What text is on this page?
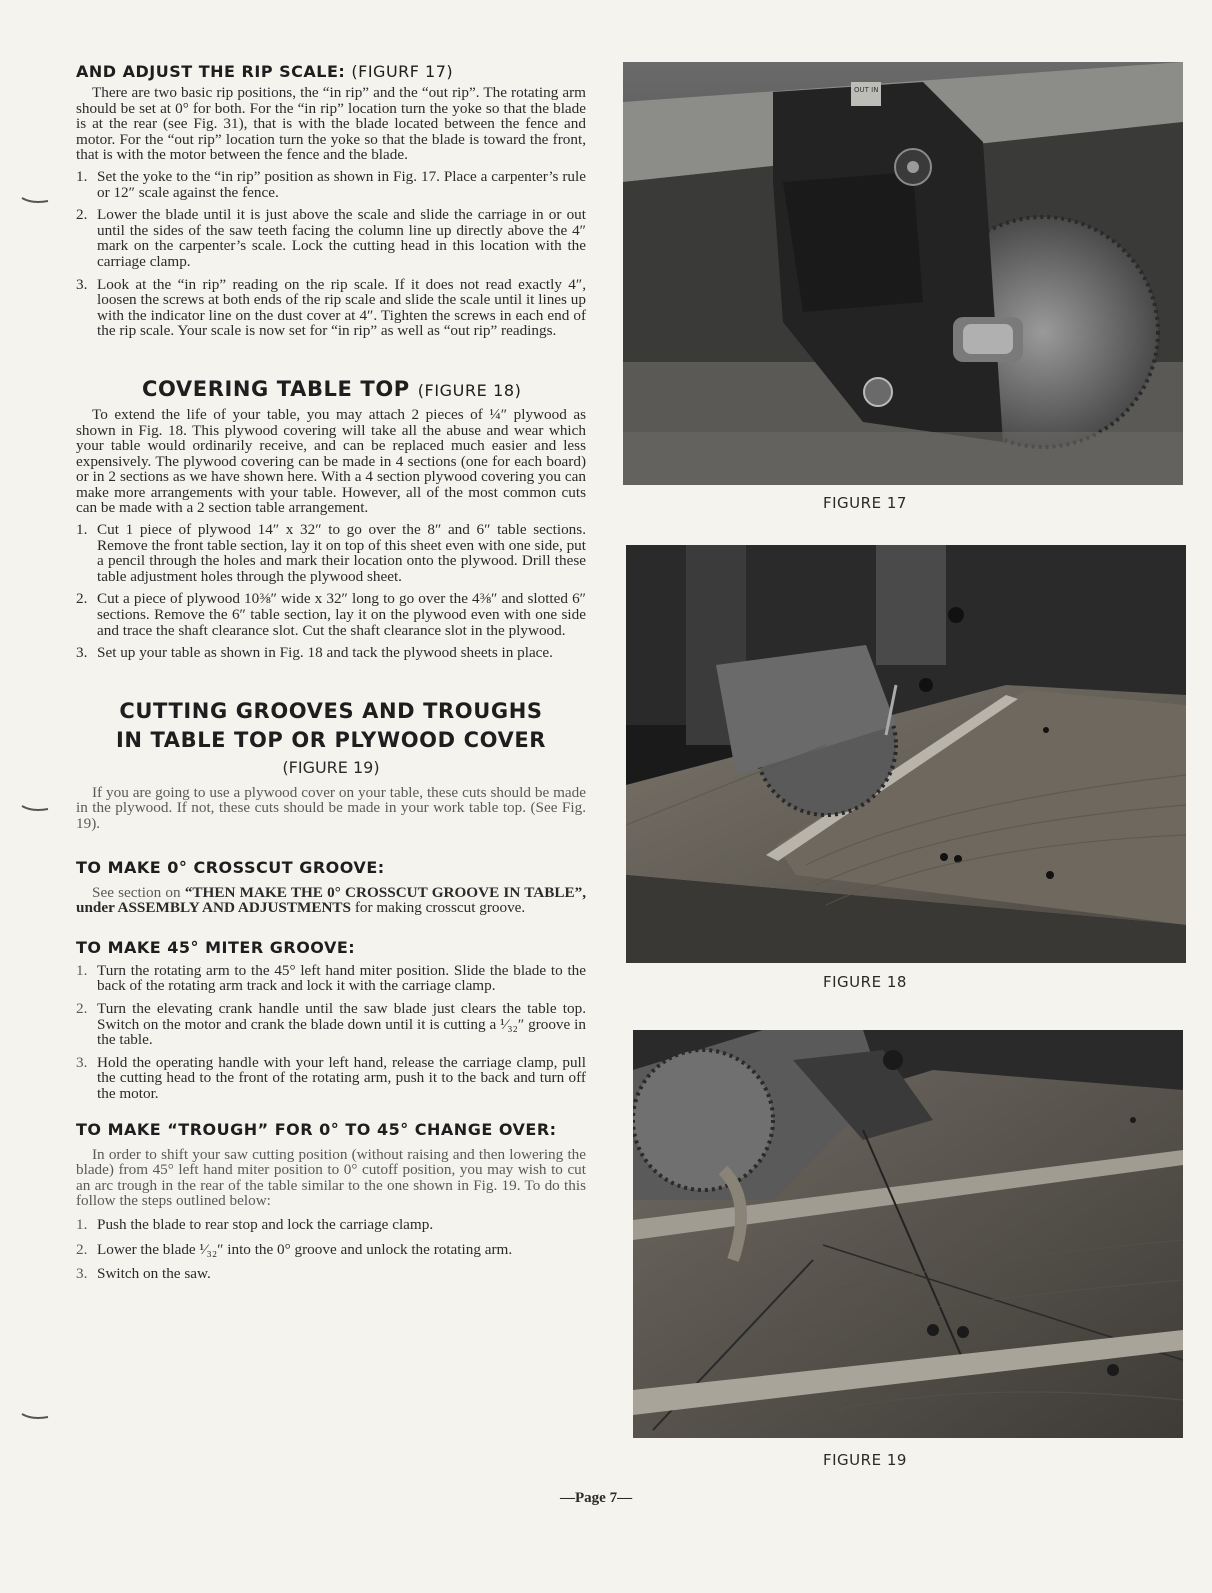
AND ADJUST THE RIP SCALE: (FIGURF 17)

There are two basic rip positions, the “in rip” and the “out rip”. The rotating arm should be set at 0° for both. For the “in rip” location turn the yoke so that the blade is at the rear (see Fig. 31), that is with the blade located between the fence and motor. For the “out rip” location turn the yoke so that the blade is toward the front, that is with the motor between the fence and the blade.

1. Set the yoke to the “in rip” position as shown in Fig. 17. Place a carpenter’s rule or 12″ scale against the fence.
2. Lower the blade until it is just above the scale and slide the carriage in or out until the sides of the saw teeth facing the column line up directly above the 4″ mark on the carpenter’s scale. Lock the cutting head in this location with the carriage clamp.
3. Look at the “in rip” reading on the rip scale. If it does not read exactly 4″, loosen the screws at both ends of the rip scale and slide the scale until it lines up with the indicator line on the dust cover at 4″. Tighten the screws in each end of the rip scale. Your scale is now set for “in rip” as well as “out rip” readings.
COVERING TABLE TOP (FIGURE 18)

To extend the life of your table, you may attach 2 pieces of ¼″ plywood as shown in Fig. 18. This plywood covering will take all the abuse and wear which your table would ordinarily receive, and can be replaced much easier and less expensively. The plywood covering can be made in 4 sections (one for each board) or in 2 sections as we have shown here. With a 4 section plywood covering you can make more arrangements with your table. However, all of the most common cuts can be made with a 2 section table arrangement.

1. Cut 1 piece of plywood 14″ x 32″ to go over the 8″ and 6″ table sections. Remove the front table section, lay it on top of this sheet even with one side, put a pencil through the holes and mark their location onto the plywood. Drill these table adjustment holes through the plywood sheet.
2. Cut a piece of plywood 10⅜″ wide x 32″ long to go over the 4⅜″ and slotted 6″ sections. Remove the 6″ table section, lay it on the plywood even with one side and trace the shaft clearance slot. Cut the shaft clearance slot in the plywood.
3. Set up your table as shown in Fig. 18 and tack the plywood sheets in place.
CUTTING GROOVES AND TROUGHS
IN TABLE TOP OR PLYWOOD COVER
(FIGURE 19)

If you are going to use a plywood cover on your table, these cuts should be made in the plywood. If not, these cuts should be made in your work table top. (See Fig. 19).

TO MAKE 0° CROSSCUT GROOVE:

See section on “THEN MAKE THE 0° CROSSCUT GROOVE IN TABLE”, under ASSEMBLY AND ADJUSTMENTS for making crosscut groove.

TO MAKE 45° MITER GROOVE:
1. Turn the rotating arm to the 45° left hand miter position. Slide the blade to the back of the rotating arm track and lock it with the carriage clamp.
2. Turn the elevating crank handle until the saw blade just clears the table top. Switch on the motor and crank the blade down until it is cutting a ¹⁄₃₂″ groove in the table.
3. Hold the operating handle with your left hand, release the carriage clamp, pull the cutting head to the front of the rotating arm, push it to the back and turn off the motor.
TO MAKE “TROUGH” FOR 0° TO 45° CHANGE OVER:

In order to shift your saw cutting position (without raising and then lowering the blade) from 45° left hand miter position to 0° cutoff position, you may wish to cut an arc trough in the rear of the table similar to the one shown in Fig. 19. To do this follow the steps outlined below:

1. Push the blade to rear stop and lock the carriage clamp.
2. Lower the blade ¹⁄₃₂″ into the 0° groove and unlock the rotating arm.
3. Switch on the saw.
OUT IN
FIGURE 17
FIGURE 18
FIGURE 19
—Page 7—
